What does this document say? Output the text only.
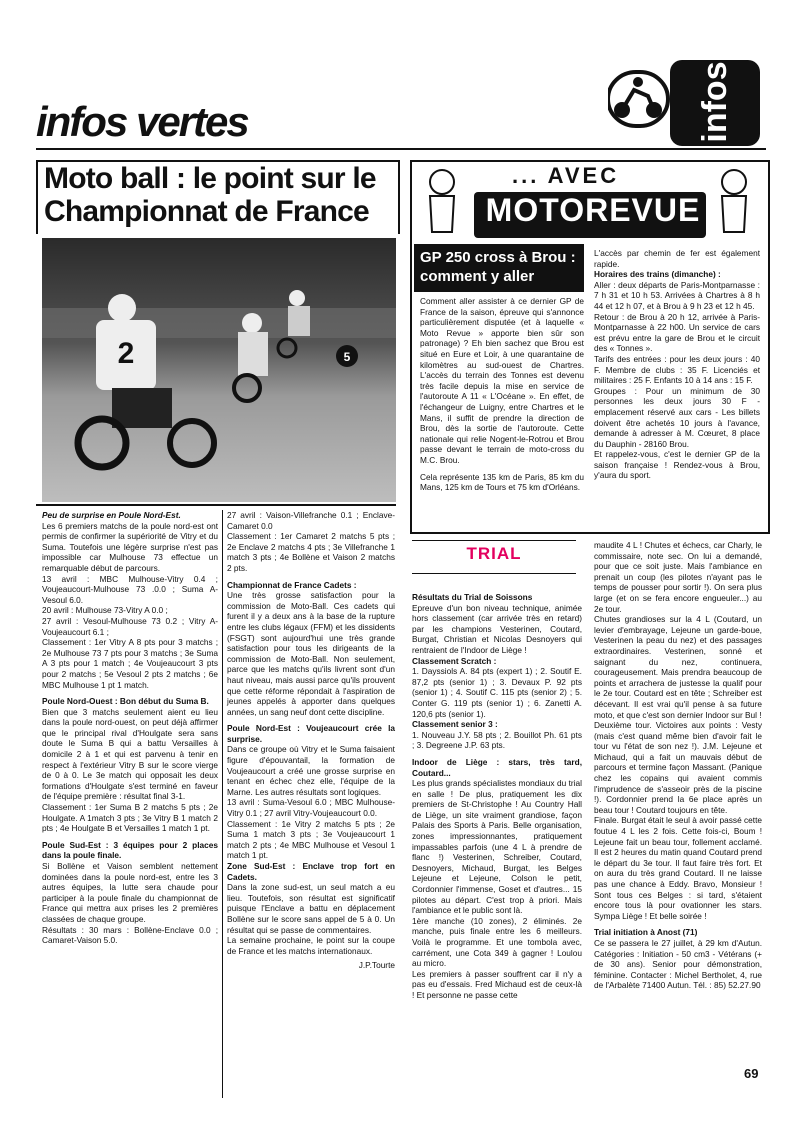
infos vertes	infos
Moto ball : le point sur le
Championnat de France
2	5

Peu de surprise en Poule Nord-Est.

Les 6 premiers matchs de la poule nord-est ont permis de confirmer la supériorité de Vitry et du Suma. Toutefois une légère surprise n'est pas impossible car Mulhouse 73 effectue un remarquable début de parcours.

13 avril : MBC Mulhouse-Vitry 0.4 ; Voujeaucourt-Mulhouse 73 .0.0 ; Suma A-Vesoul 6.0.

20 avril : Mulhouse 73-Vitry A 0.0 ;

27 avril : Vesoul-Mulhouse 73 0.2 ; Vitry A-Voujeaucourt 6.1 ;

Classement : 1er Vitry A 8 pts pour 3 matchs ; 2e Mulhouse 73 7 pts pour 3 matchs ; 3e Suma A 3 pts pour 1 match ; 4e Voujeaucourt 3 pts pour 2 matchs ; 5e Vesoul 2 pts 2 matchs ; 6e MBC Mulhouse 1 pt 1 match.

Poule Nord-Ouest : Bon début du Suma B.

Bien que 3 matchs seulement aient eu lieu dans la poule nord-ouest, on peut déjà affirmer que le principal rival d'Houlgate sera sans doute le Suma B qui a battu Versailles à domicile 2 à 1 et qui est parvenu à tenir en respect à l'extérieur Vitry B sur le score vierge de 0 à 0. Le 3e match qui opposait les deux formations d'Houlgate s'est terminé en faveur de l'équipe première : résultat final 3-1.

Classement : 1er Suma B 2 matchs 5 pts ; 2e Houlgate. A 1match 3 pts ; 3e Vitry B 1 match 2 pts ; 4e Houlgate B et Versailles 1 match 1 pt.

Poule Sud-Est : 3 équipes pour 2 places dans la poule finale.

Si Bollène et Vaison semblent nettement dominées dans la poule nord-est, entre les 3 autres équipes, la lutte sera chaude pour participer à la poule finale du championnat de France qui mettra aux prises les 2 premières classées de chaque groupe.

Résultats : 30 mars : Bollène-Enclave 0.0 ; Camaret-Vaison 5.0.

27 avril : Vaison-Villefranche 0.1 ; Enclave-Camaret 0.0

Classement : 1er Camaret 2 matchs 5 pts ; 2e Enclave 2 matchs 4 pts ; 3e Villefranche 1 match 3 pts ; 4e Bollène et Vaison 2 matchs 2 pts.

Championnat de France Cadets :

Une très grosse satisfaction pour la commission de Moto-Ball. Ces cadets qui furent il y a deux ans à la base de la rupture entre les clubs légaux (FFM) et les dissidents (FSGT) sont aujourd'hui une très grande satisfaction pour tous les dirigeants de la commission de Moto-Ball. Non seulement, parce que les matchs qu'ils livrent sont d'un haut niveau, mais aussi parce qu'ils prouvent que cette réforme répondait à l'aspiration de jeunes appelés à apporter dans quelques années, un sang neuf dont cette discipline.

Poule Nord-Est : Voujeaucourt crée la surprise.

Dans ce groupe où Vitry et le Suma faisaient figure d'épouvantail, la formation de Voujeaucourt a créé une grosse surprise en tenant en échec chez elle, l'équipe de la Marne. Les autres résultats sont logiques.

13 avril : Suma-Vesoul 6.0 ; MBC Mulhouse-Vitry 0.1 ; 27 avril Vitry-Voujeaucourt 0.0.

Classement : 1e Vitry 2 matchs 5 pts ; 2e Suma 1 match 3 pts ; 3e Voujeaucourt 1 match 2 pts ; 4e MBC Mulhouse et Vesoul 1 match 1 pt.

Zone Sud-Est : Enclave trop fort en Cadets.

Dans la zone sud-est, un seul match a eu lieu. Toutefois, son résultat est significatif puisque l'Enclave a battu en déplacement Bollène sur le score sans appel de 5 à 0. Un résultat qui se passe de commentaires.

La semaine prochaine, le point sur la coupe de France et les matchs internationaux.

J.P.Tourte

... AVEC
MOTOREVUE
GP 250 cross à Brou :
comment y aller

Comment aller assister à ce dernier GP de France de la saison, épreuve qui s'annonce particulièrement disputée (et à laquelle « Moto Revue » apporte bien sûr son patronage) ? Eh bien sachez que Brou est situé en Eure et Loir, à une quarantaine de kilomètres au sud-ouest de Chartres. L'accès du terrain des Tonnes est devenu très facile depuis la mise en service de l'autoroute A 11 « L'Océane ». En effet, de l'échangeur de Luigny, entre Chartres et le Mans, il suffit de prendre la direction de Brou, dès la sortie de l'autoroute. Cette nationale qui relie Nogent-le-Rotrou et Brou passe devant le terrain de moto-cross du M.C. Brou.

Cela représente 135 km de Paris, 85 km du Mans, 125 km de Tours et 75 km d'Orléans.

L'accès par chemin de fer est également rapide.

Horaires des trains (dimanche) :

Aller : deux départs de Paris-Montparnasse : 7 h 31 et 10 h 53. Arrivées à Chartres à 8 h 44 et 12 h 07, et à Brou à 9 h 23 et 12 h 45.

Retour : de Brou à 20 h 12, arrivée à Paris-Montparnasse à 22 h00. Un service de cars est prévu entre la gare de Brou et le circuit des « Tonnes ».

Tarifs des entrées : pour les deux jours : 40 F. Membre de clubs : 35 F. Licenciés et militaires : 25 F. Enfants 10 à 14 ans : 15 F.

Groupes : Pour un minimum de 30 personnes les deux jours 30 F - emplacement réservé aux cars - Les billets doivent être achetés 10 jours à l'avance, demande à adresser à M. Cœuret, 8 place du Dauphin - 28160 Brou.

Et rappelez-vous, c'est le dernier GP de la saison française ! Rendez-vous à Brou, y'aura du sport.

TRIAL

Résultats du Trial de Soissons

Epreuve d'un bon niveau technique, animée hors classement (car arrivée très en retard) par les champions Vesterinen, Coutard, Burgat, Christian et Nicolas Desnoyers qui rentraient de l'Indoor de Liège !

Classement Scratch :

1. Dayssiols A. 84 pts (expert 1) ; 2. Soutif E. 87,2 pts (senior 1) ; 3. Devaux P. 92 pts (senior 1) ; 4. Soutif C. 115 pts (senior 2) ; 5. Conter G. 119 pts (senior 1) ; 6. Zanetti A. 120,6 pts (senior 1).

Classement senior 3 :

1. Nouveau J.Y. 58 pts ; 2. Bouillot Ph. 61 pts ; 3. Degreene J.P. 63 pts.

Indoor de Liège : stars, très tard, Coutard...

Les plus grands spécialistes mondiaux du trial en salle ! De plus, pratiquement les dix premiers de St-Christophe ! Au Country Hall de Liège, un site vraiment grandiose, façon Palais des Sports à Paris. Belle organisation, zones impressionnantes, pratiquement impassables parfois (une 4 L à prendre de flanc !) Vesterinen, Schreiber, Coutard, Desnoyers, Michaud, Burgat, les Belges Lejeune et Lejeune, Colson le petit, Cordonnier l'immense, Goset et d'autres... 15 pilotes au départ. C'est trop à priori. Mais l'ambiance et le public sont là.

1ère manche (10 zones), 2 éliminés. 2e manche, puis finale entre les 6 meilleurs. Voilà le programme. Et une tombola avec, carrément, une Cota 349 à gagner ! Loulou au micro.

Les premiers à passer souffrent car il n'y a pas eu d'essais. Fred Michaud est de ceux-là ! Et personne ne passe cette

maudite 4 L ! Chutes et échecs, car Charly, le commissaire, note sec. On lui a demandé, pour que ce soit juste. Mais l'ambiance en prenait un coup (les pilotes n'ayant pas le temps de pousser pour sortir !). On sera plus large (et on se fera encore engueuler...) au 2e tour.

Chutes grandioses sur la 4 L (Coutard, un levier d'embrayage, Lejeune un garde-boue, Vesterinen la peau du nez) et des passages extraordinaires. Vesterinen, sonné et saignant du nez, continuera, courageusement. Mais prendra beaucoup de points et arrachera de justesse la qualif pour le 2e tour. Coutard est en tête ; Schreiber est décevant. Il est vrai qu'il pense à sa future moto, et que c'est son dernier Indoor sur Bul !

Deuxième tour. Victoires aux points : Vesty (mais c'est quand même bien d'avoir fait le tour vu l'état de son nez !). J.M. Lejeune et Michaud, qui a fait un mauvais début de parcours et termine façon Massant. (Panique chez les copains qui avaient commis l'imprudence de s'asseoir près de la piscine !). Cordonnier prend la 6e place après un beau tour ! Coutard toujours en tête.

Finale. Burgat était le seul à avoir passé cette foutue 4 L les 2 fois. Cette fois-ci, Boum ! Lejeune fait un beau tour, follement acclamé. Il est 2 heures du matin quand Coutard prend le départ du 3e tour. Il faut faire très fort. Et on aura du très grand Coutard. Il ne laisse pas une chance à Eddy. Bravo, Monsieur ! Sont tous ces Belges : si tard, s'étaient encore tous là pour ovationner les stars. Sympa Liège ! Et belle soirée !

Trial initiation à Anost (71)

Ce se passera le 27 juillet, à 29 km d'Autun. Catégories : Initiation - 50 cm3 - Vétérans (+ de 30 ans). Senior pour démonstration, féminine. Contacter : Michel Bertholet, 4, rue de l'Arbalète 71400 Autun. Tél. : 85) 52.27.90

69
